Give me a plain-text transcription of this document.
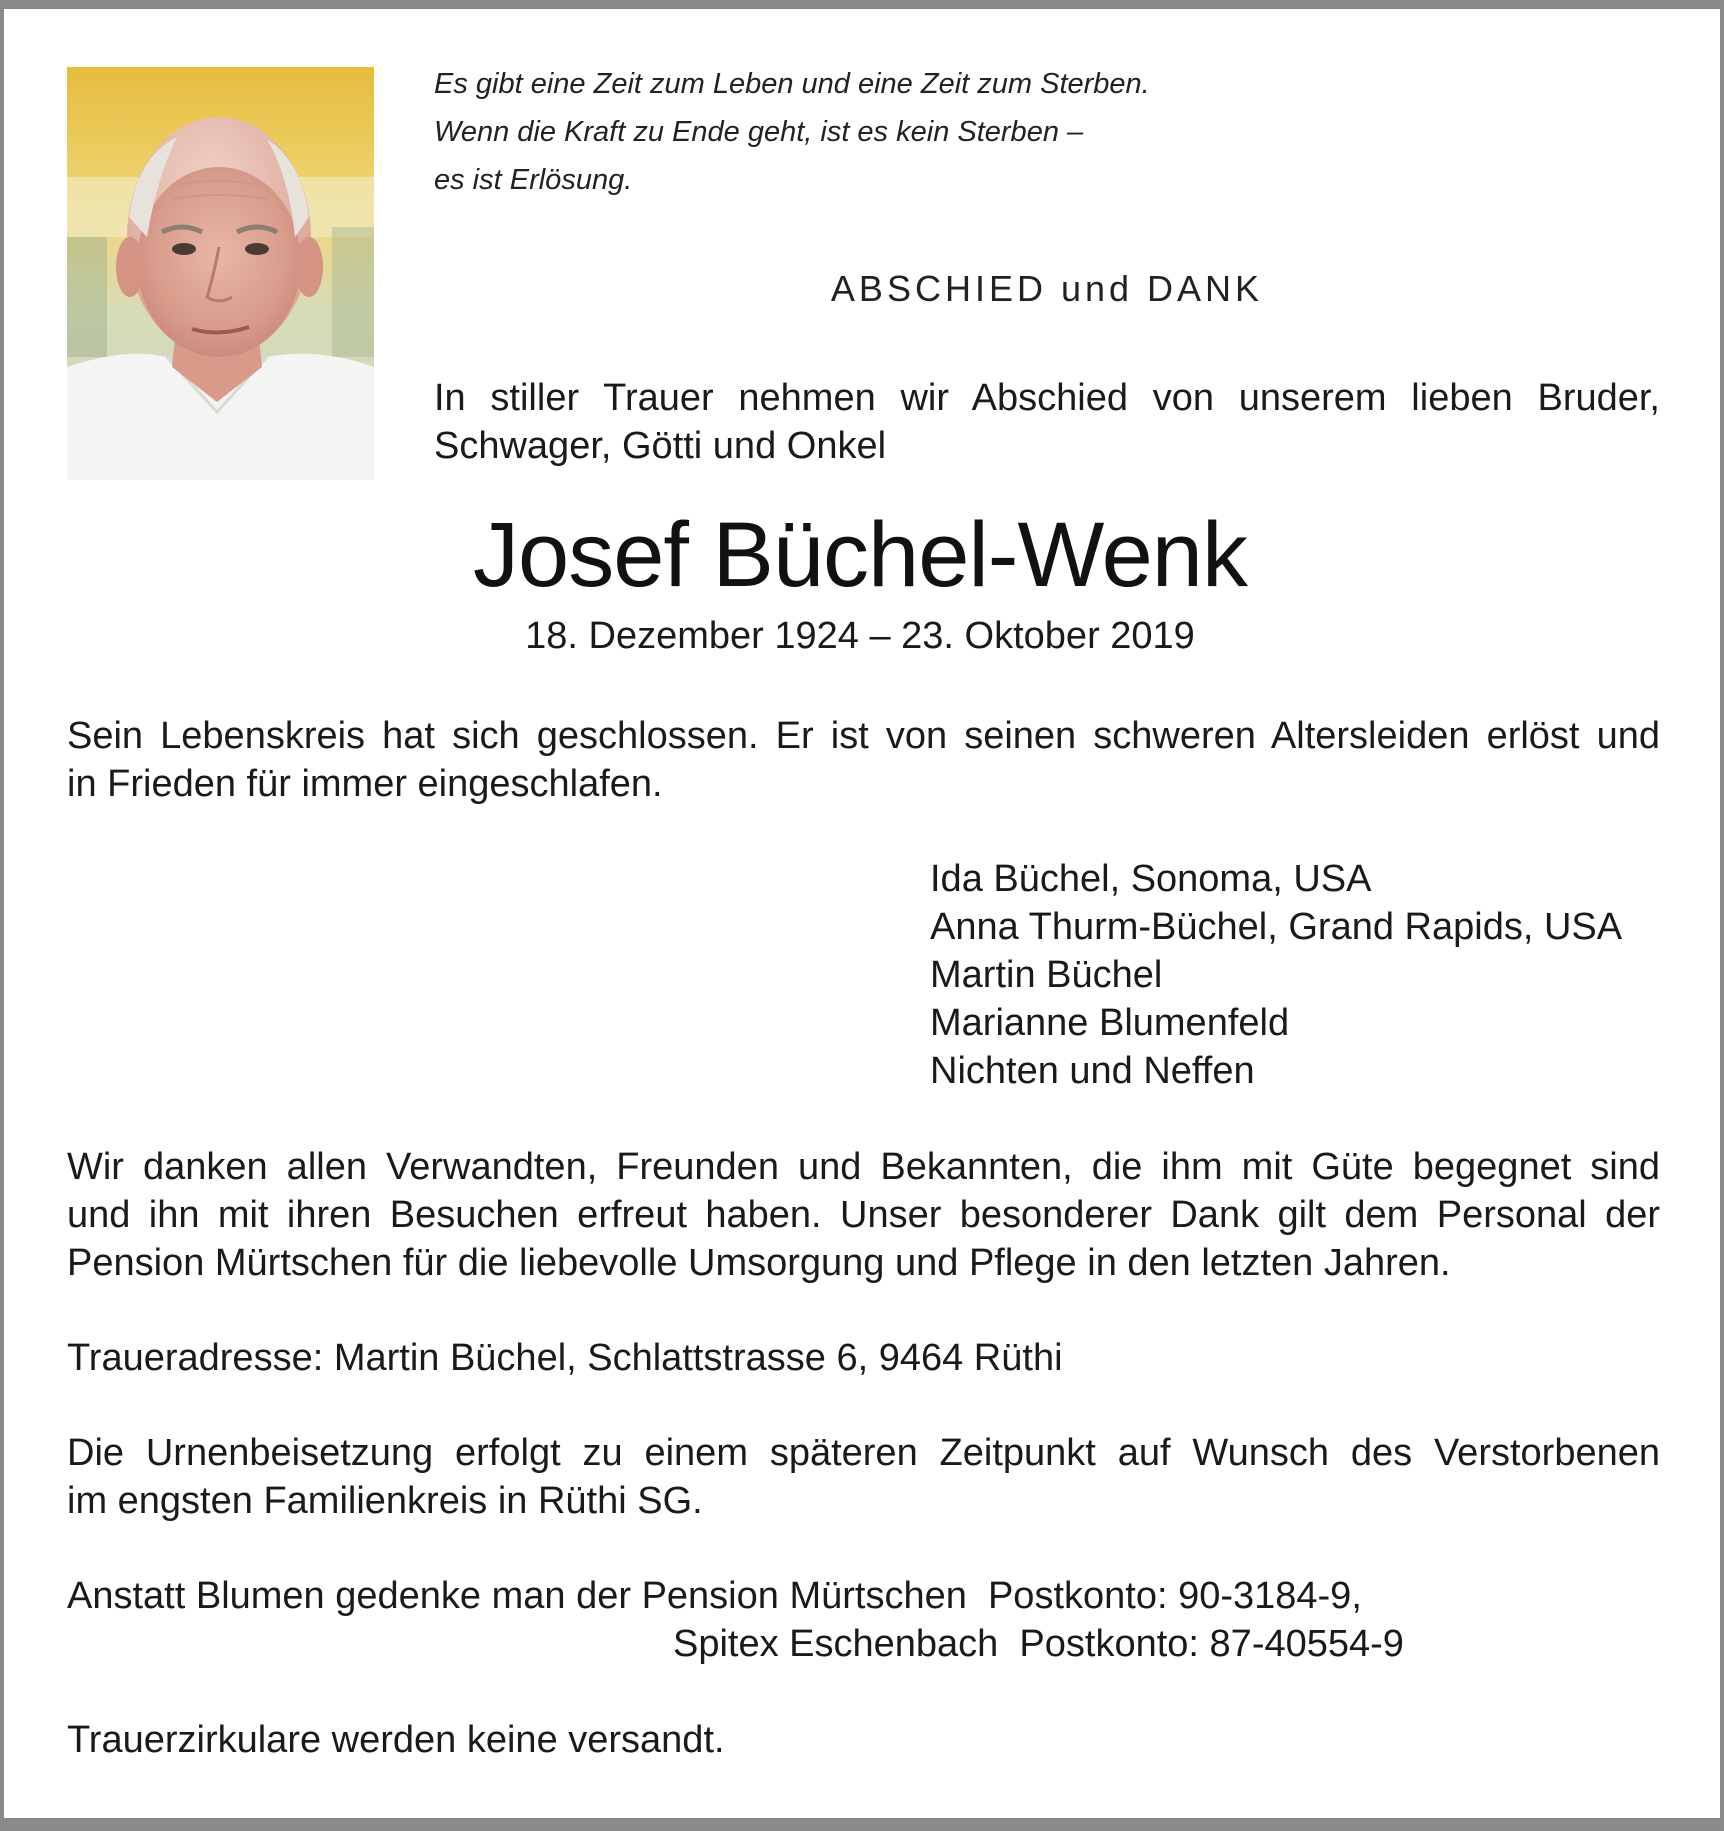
Es gibt eine Zeit zum Leben und eine Zeit zum Sterben.
Wenn die Kraft zu Ende geht, ist es kein Sterben –
es ist Erlösung.
ABSCHIED und DANK
In stiller Trauer nehmen wir Abschied von unserem lieben Bruder,
Schwager, Götti und Onkel
Josef Büchel-Wenk
18. Dezember 1924 – 23. Oktober 2019
Sein Lebenskreis hat sich geschlossen. Er ist von seinen schweren Altersleiden erlöst und
in Frieden für immer eingeschlafen.
Ida Büchel, Sonoma, USA
Anna Thurm-Büchel, Grand Rapids, USA
Martin Büchel
Marianne Blumenfeld
Nichten und Neffen
Wir danken allen Verwandten, Freunden und Bekannten, die ihm mit Güte begegnet sind
und ihn mit ihren Besuchen erfreut haben. Unser besonderer Dank gilt dem Personal der
Pension Mürtschen für die liebevolle Umsorgung und Pflege in den letzten Jahren.
Traueradresse: Martin Büchel, Schlattstrasse 6, 9464 Rüthi
Die Urnenbeisetzung erfolgt zu einem späteren Zeitpunkt auf Wunsch des Verstorbenen
im engsten Familienkreis in Rüthi SG.
Anstatt Blumen gedenke man der Pension Mürtschen  Postkonto: 90-3184-9,
Spitex Eschenbach  Postkonto: 87-40554-9
Trauerzirkulare werden keine versandt.
